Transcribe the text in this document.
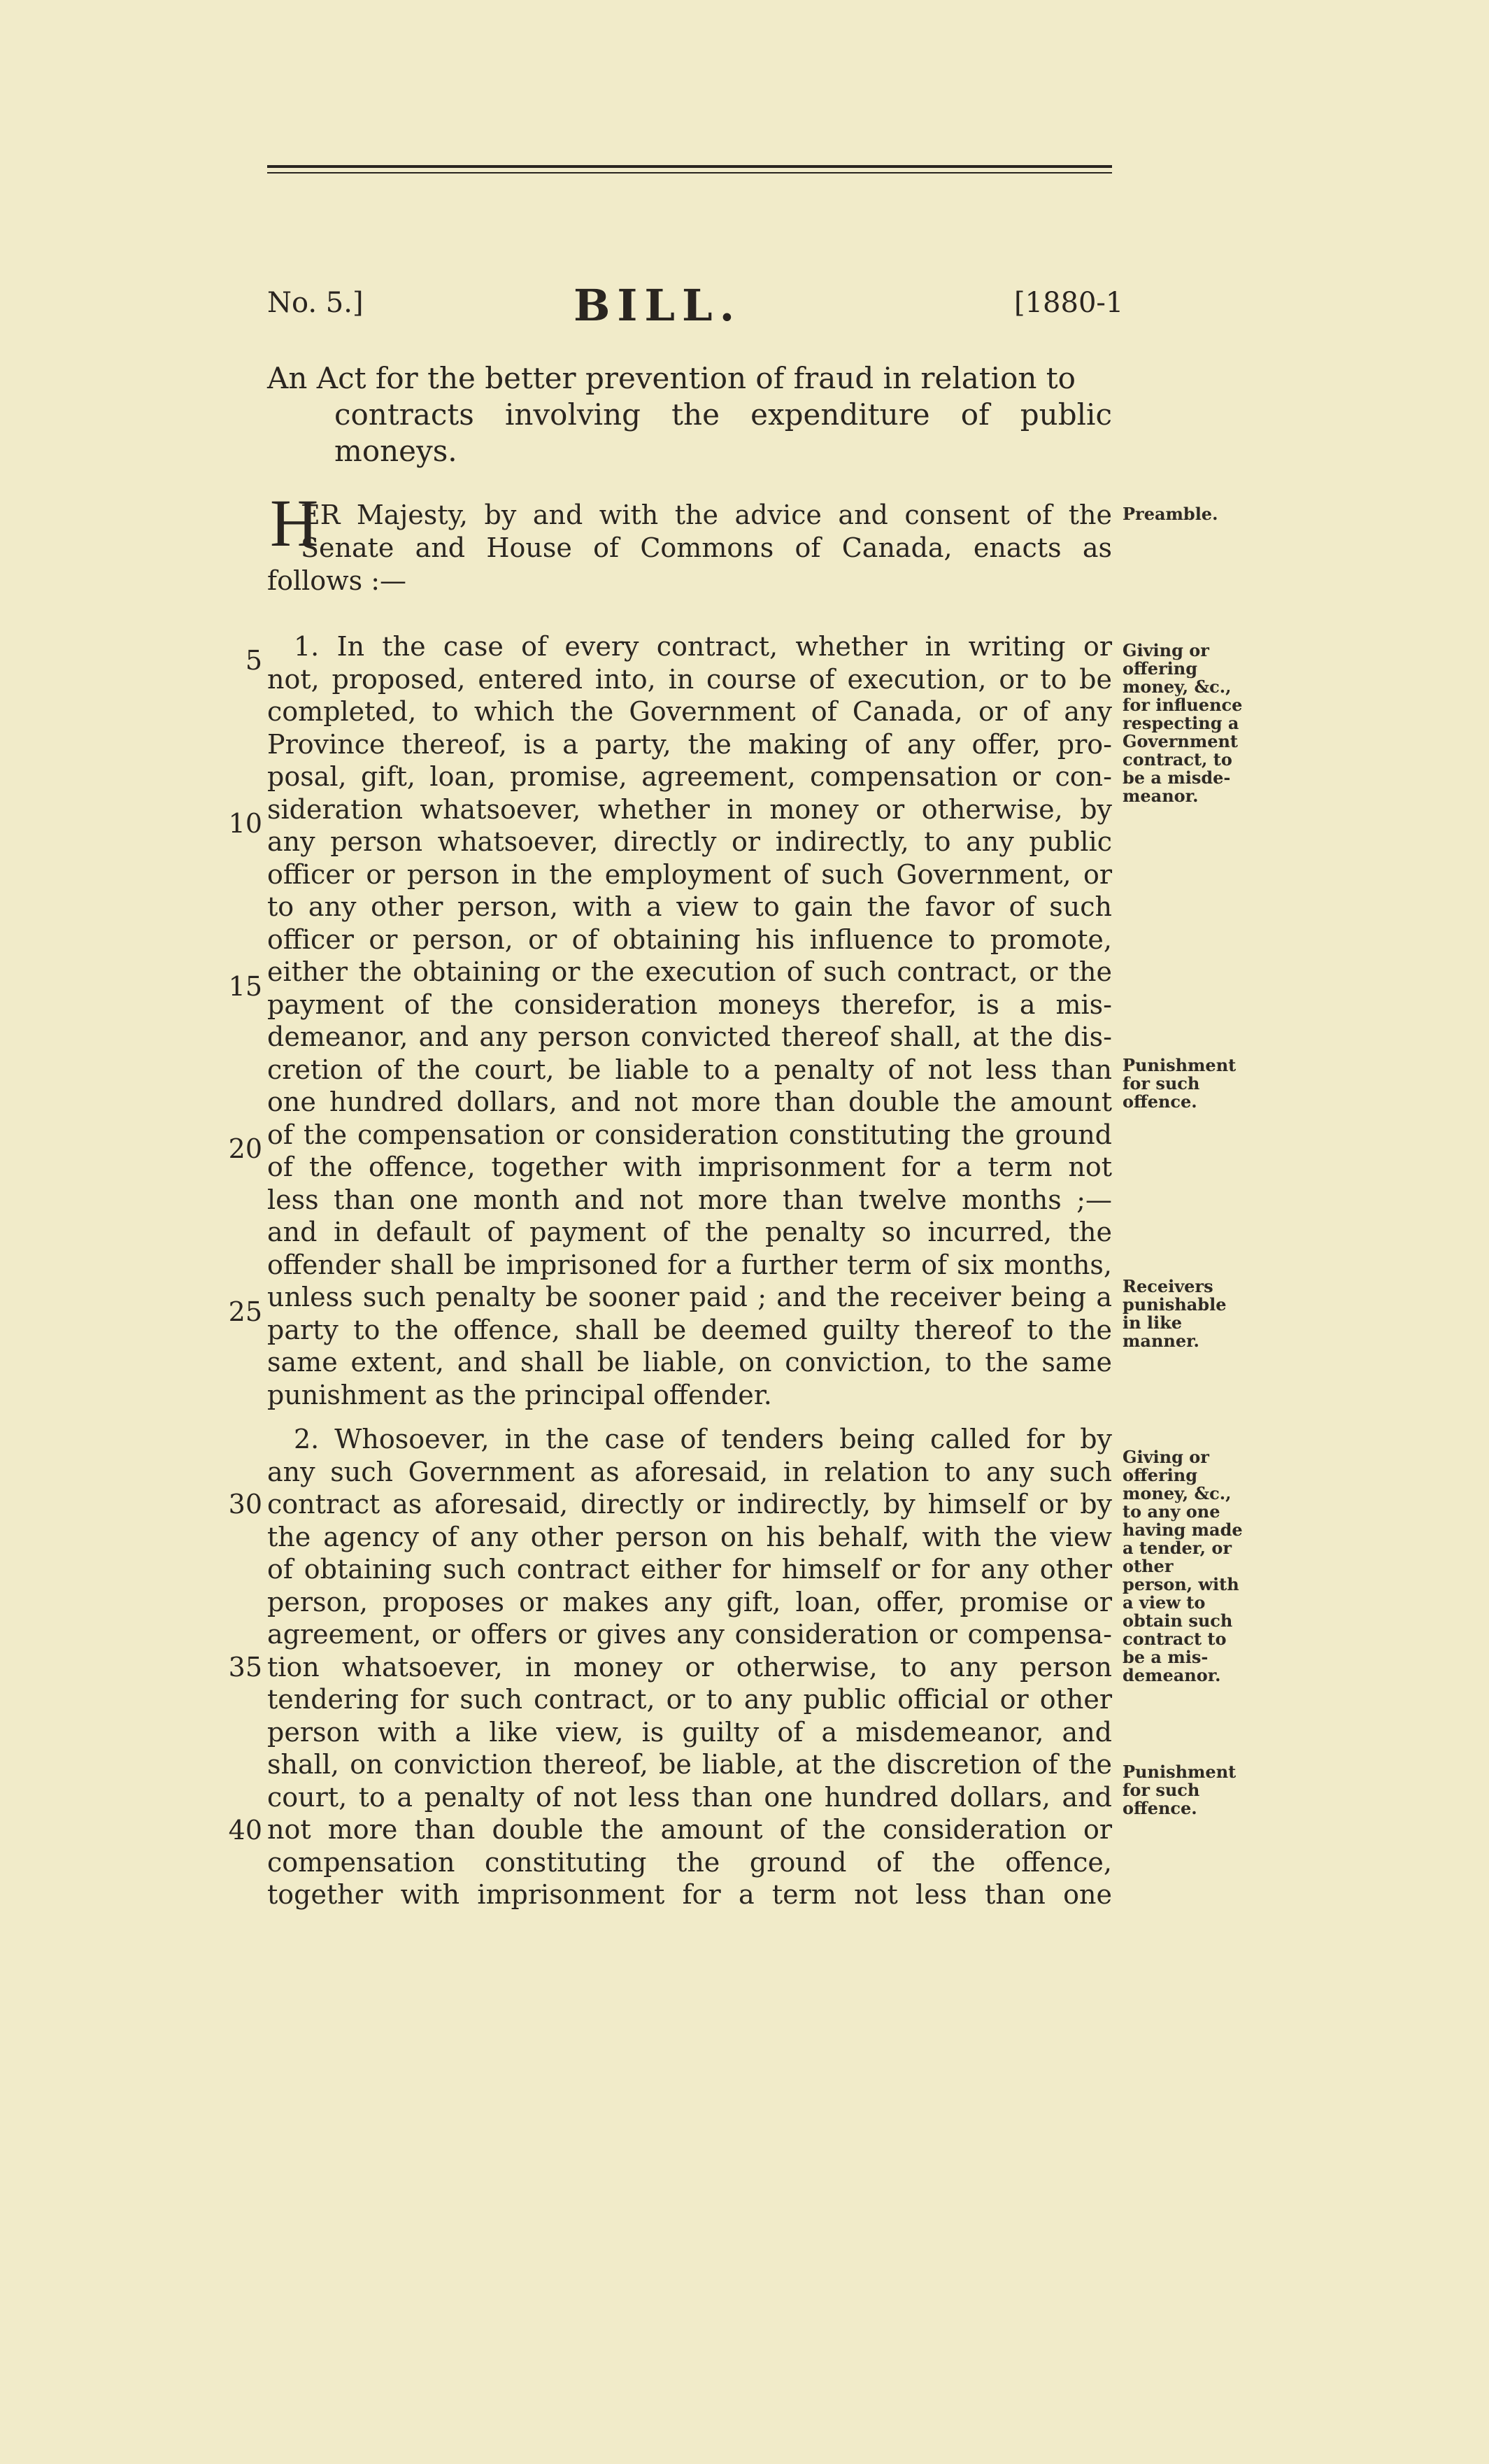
No. 5.]	BILL.	[1880-1
An Act for the better prevention of fraud in relation to
contracts involving the expenditure of public moneys.
H
ER Majesty, by and with the advice and consent of the
Senate and House of Commons of Canada, enacts as
follows :—
1. In the case of every contract, whether in writing or
not, proposed, entered into, in course of execution, or to be
completed, to which the Government of Canada, or of any
Province thereof, is a party, the making of any offer, pro-
posal, gift, loan, promise, agreement, compensation or con-
sideration whatsoever, whether in money or otherwise, by
any person whatsoever, directly or indirectly, to any public
officer or person in the employment of such Government, or
to any other person, with a view to gain the favor of such
officer or person, or of obtaining his influence to promote,
either the obtaining or the execution of such contract, or the
payment of the consideration moneys therefor, is a mis-
demeanor, and any person convicted thereof shall, at the dis-
cretion of the court, be liable to a penalty of not less than
one hundred dollars, and not more than double the amount
of the compensation or consideration constituting the ground
of the offence, together with imprisonment for a term not
less than one month and not more than twelve months ;—
and in default of payment of the penalty so incurred, the
offender shall be imprisoned for a further term of six months,
unless such penalty be sooner paid ; and the receiver being a
party to the offence, shall be deemed guilty thereof to the
same extent, and shall be liable, on conviction, to the same
punishment as the principal offender.
2. Whosoever, in the case of tenders being called for by
any such Government as aforesaid, in relation to any such
contract as aforesaid, directly or indirectly, by himself or by
the agency of any other person on his behalf, with the view
of obtaining such contract either for himself or for any other
person, proposes or makes any gift, loan, offer, promise or
agreement, or offers or gives any consideration or compensa-
tion whatsoever, in money or otherwise, to any person
tendering for such contract, or to any public official or other
person with a like view, is guilty of a misdemeanor, and
shall, on conviction thereof, be liable, at the discretion of the
court, to a penalty of not less than one hundred dollars, and
not more than double the amount of the consideration or
compensation constituting the ground of the offence,
together with imprisonment for a term not less than one
5
10
15
20
25
30
35
40
Preamble.
Giving or offering money, &c., for influence respecting a Government contract, to be a misde-meanor.
Punishment for such offence.
Receivers punishable in like manner.
Giving or offering money, &c., to any one having made a tender, or other person, with a view to obtain such contract to be a mis-demeanor.
Punishment for such offence.
